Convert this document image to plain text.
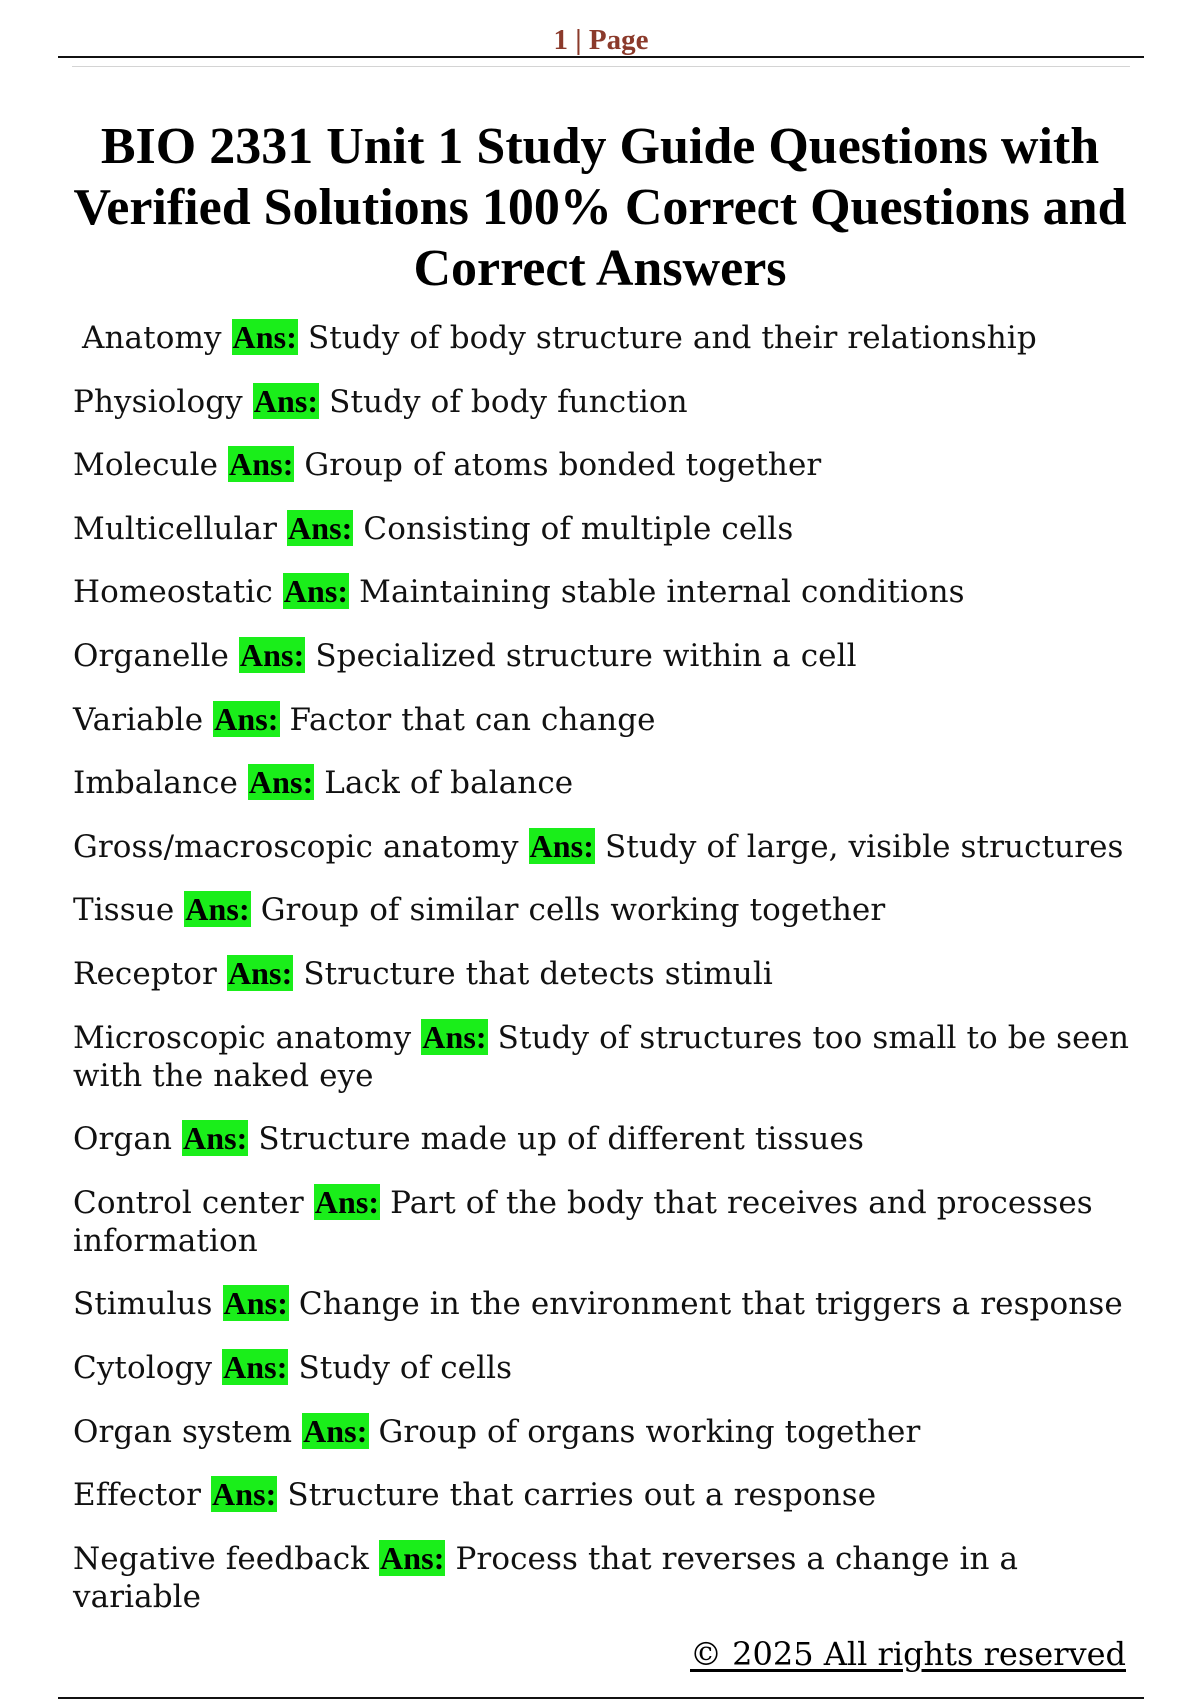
1 | Page
BIO 2331 Unit 1 Study Guide Questions with Verified Solutions 100% Correct Questions and Correct Answers
Anatomy Ans: Study of body structure and their relationship
Physiology Ans: Study of body function
Molecule Ans: Group of atoms bonded together
Multicellular Ans: Consisting of multiple cells
Homeostatic Ans: Maintaining stable internal conditions
Organelle Ans: Specialized structure within a cell
Variable Ans: Factor that can change
Imbalance Ans: Lack of balance
Gross/macroscopic anatomy Ans: Study of large, visible structures
Tissue Ans: Group of similar cells working together
Receptor Ans: Structure that detects stimuli
Microscopic anatomy Ans: Study of structures too small to be seen with the naked eye
Organ Ans: Structure made up of different tissues
Control center Ans: Part of the body that receives and processes information
Stimulus Ans: Change in the environment that triggers a response
Cytology Ans: Study of cells
Organ system Ans: Group of organs working together
Effector Ans: Structure that carries out a response
Negative feedback Ans: Process that reverses a change in a variable
© 2025 All rights reserved
